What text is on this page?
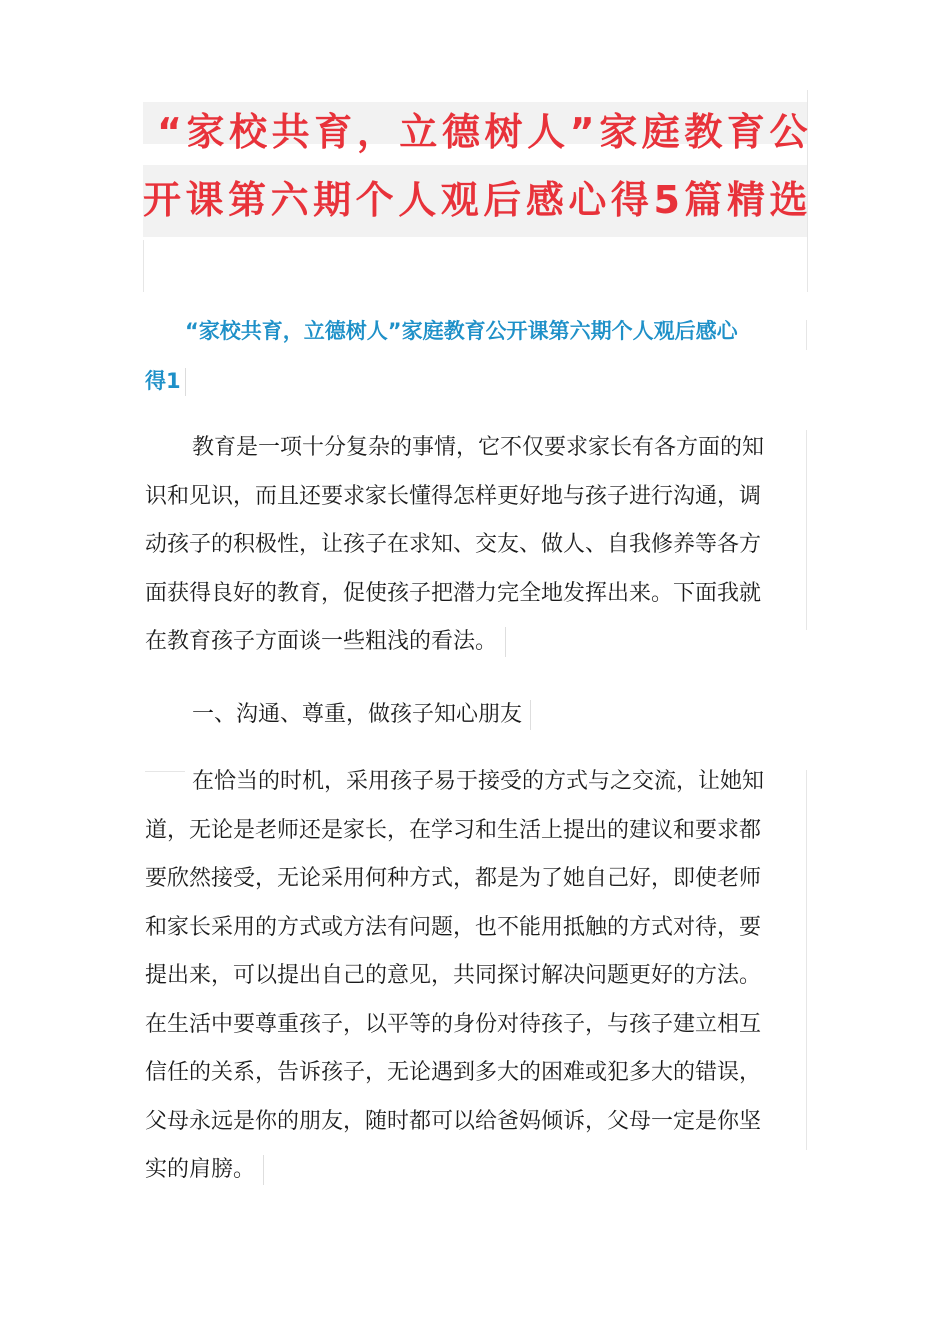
“家校共育，立德树人”家庭教育公
开课第六期个人观后感心得5篇精选
“家校共育，立德树人”家庭教育公开课第六期个人观后感心
得1
教育是一项十分复杂的事情，它不仅要求家长有各方面的知
识和见识，而且还要求家长懂得怎样更好地与孩子进行沟通，调
动孩子的积极性，让孩子在求知、交友、做人、自我修养等各方
面获得良好的教育，促使孩子把潜力完全地发挥出来。下面我就
在教育孩子方面谈一些粗浅的看法。
一、沟通、尊重，做孩子知心朋友
在恰当的时机，采用孩子易于接受的方式与之交流，让她知
道，无论是老师还是家长，在学习和生活上提出的建议和要求都
要欣然接受，无论采用何种方式，都是为了她自己好，即使老师
和家长采用的方式或方法有问题，也不能用抵触的方式对待，要
提出来，可以提出自己的意见，共同探讨解决问题更好的方法。
在生活中要尊重孩子，以平等的身份对待孩子，与孩子建立相互
信任的关系，告诉孩子，无论遇到多大的困难或犯多大的错误，
父母永远是你的朋友，随时都可以给爸妈倾诉，父母一定是你坚
实的肩膀。
